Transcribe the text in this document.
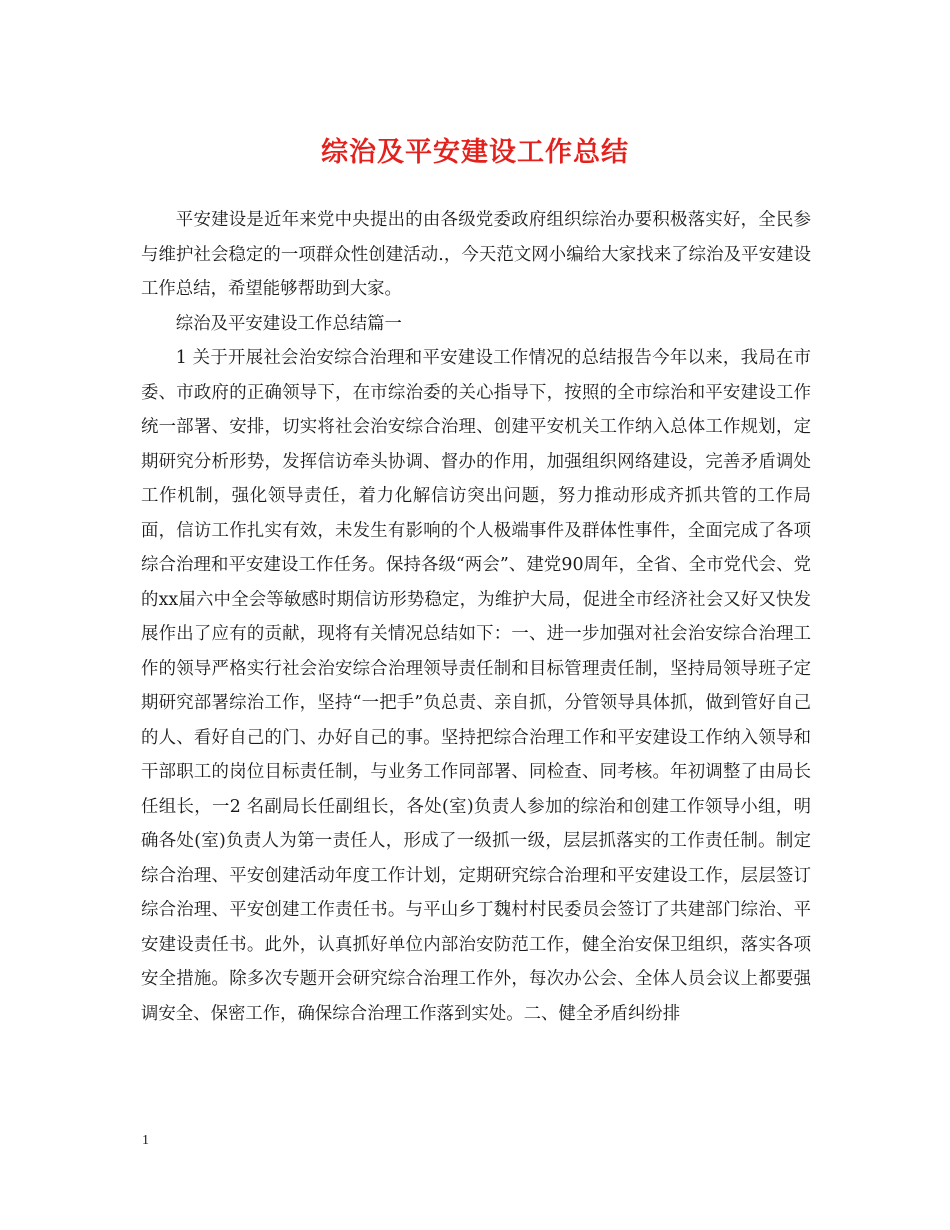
综治及平安建设工作总结

平安建设是近年来党中央提出的由各级党委政府组织综治办要积极落实好，全民参与维护社会稳定的一项群众性创建活动.，今天范文网小编给大家找来了综治及平安建设工作总结，希望能够帮助到大家。

综治及平安建设工作总结篇一

1 关于开展社会治安综合治理和平安建设工作情况的总结报告今年以来，我局在市委、市政府的正确领导下，在市综治委的关心指导下，按照的全市综治和平安建设工作统一部署、安排，切实将社会治安综合治理、创建平安机关工作纳入总体工作规划，定期研究分析形势，发挥信访牵头协调、督办的作用，加强组织网络建设，完善矛盾调处工作机制，强化领导责任，着力化解信访突出问题，努力推动形成齐抓共管的工作局面，信访工作扎实有效，未发生有影响的个人极端事件及群体性事件，全面完成了各项综合治理和平安建设工作任务。保持各级“两会”、建党90周年，全省、全市党代会、党的xx届六中全会等敏感时期信访形势稳定，为维护大局，促进全市经济社会又好又快发展作出了应有的贡献，现将有关情况总结如下：一、进一步加强对社会治安综合治理工作的领导严格实行社会治安综合治理领导责任制和目标管理责任制，坚持局领导班子定期研究部署综治工作，坚持“一把手”负总责、亲自抓，分管领导具体抓，做到管好自己的人、看好自己的门、办好自己的事。坚持把综合治理工作和平安建设工作纳入领导和干部职工的岗位目标责任制，与业务工作同部署、同检查、同考核。年初调整了由局长任组长，一2 名副局长任副组长，各处(室)负责人参加的综治和创建工作领导小组，明确各处(室)负责人为第一责任人，形成了一级抓一级，层层抓落实的工作责任制。制定综合治理、平安创建活动年度工作计划，定期研究综合治理和平安建设工作，层层签订综合治理、平安创建工作责任书。与平山乡丁魏村村民委员会签订了共建部门综治、平安建设责任书。此外，认真抓好单位内部治安防范工作，健全治安保卫组织，落实各项安全措施。除多次专题开会研究综合治理工作外，每次办公会、全体人员会议上都要强调安全、保密工作，确保综合治理工作落到实处。二、健全矛盾纠纷排

1
